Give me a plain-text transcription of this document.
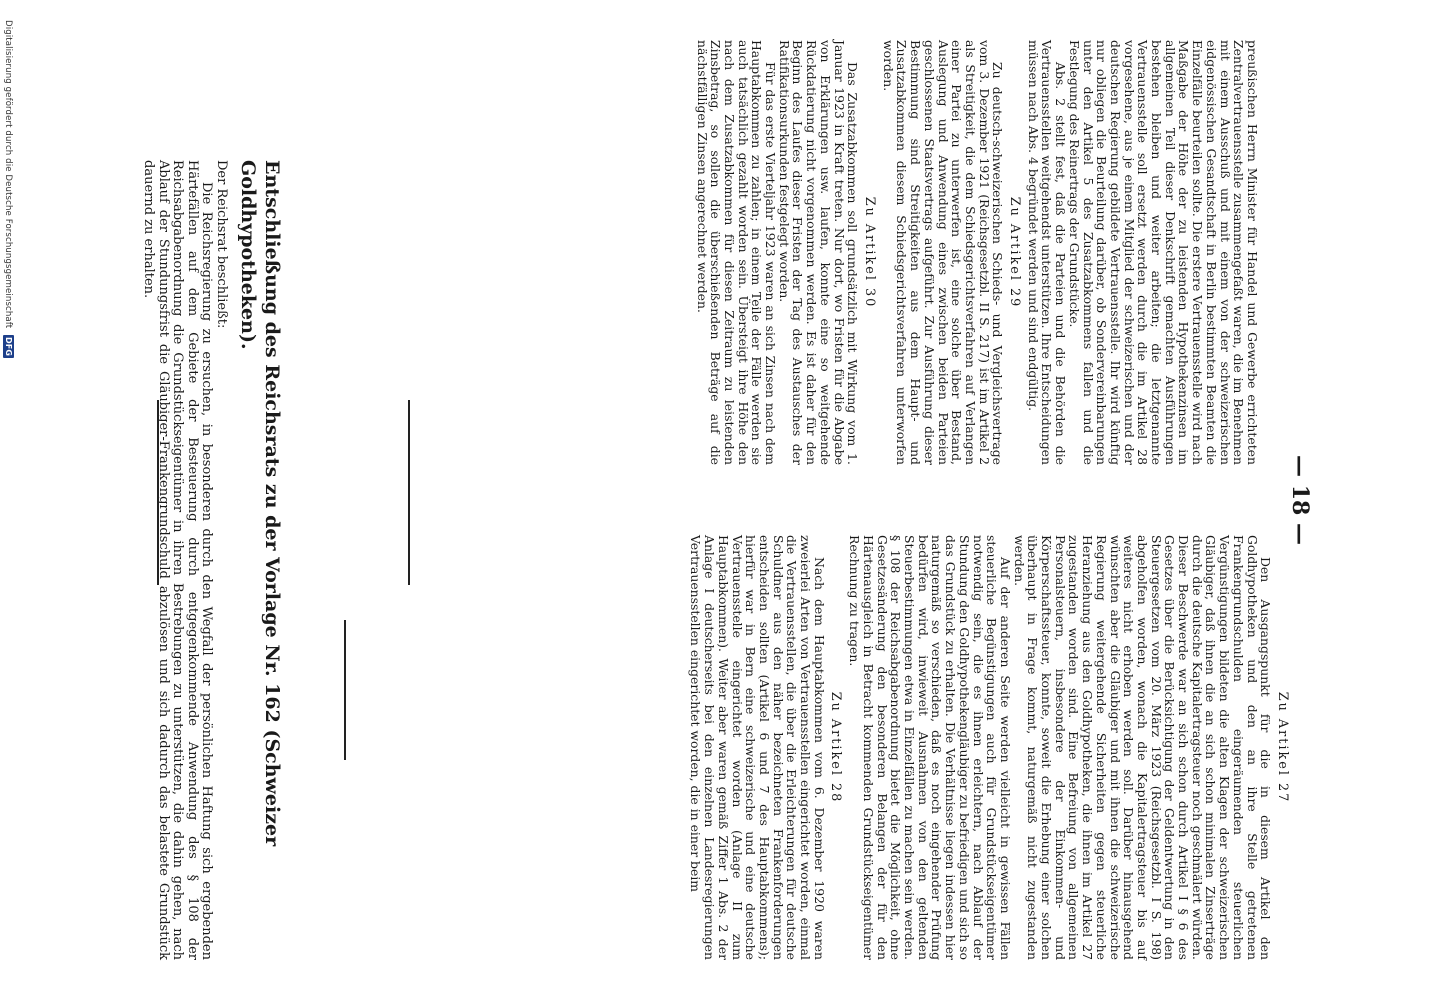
— 18 —

preußischen Herrn Minister für Handel und Gewerbe errichteten Zentralvertrauensstelle zusammengefaßt waren, die im Benehmen mit einem Ausschuß und mit einem von der schweizerischen eidgenössischen Gesandtschaft in Berlin bestimmten Beamten die Einzelfälle beurteilen sollte. Die erstere Vertrauensstelle wird nach Maßgabe der Höhe der zu leistenden Hypothekenzinsen im allgemeinen Teil dieser Denkschrift gemachten Ausführungen bestehen bleiben und weiter arbeiten; die letztgenannte Vertrauensstelle soll ersetzt werden durch die im Artikel 28 vorgesehene, aus je einem Mitglied der schweizerischen und der deutschen Regierung gebildete Vertrauensstelle. Ihr wird künftig nur obliegen die Beurteilung darüber, ob Sondervereinbarungen unter den Artikel 5 des Zusatzabkommens fallen und die Festlegung des Reinertrags der Grundstücke.

Abs. 2 stellt fest, daß die Parteien und die Behörden die Vertrauensstellen weitgehendst unterstützen. Ihre Entscheidungen müssen nach Abs. 4 begründet werden und sind endgültig.

Zu Artikel 29

Zu deutsch-schweizerischen Schieds- und Vergleichsvertrage vom 3. Dezember 1921 (Reichsgesetzbl. II S. 217) ist im Artikel 2 als Streitigkeit, die dem Schiedsgerichtsverfahren auf Verlangen einer Partei zu unterwerfen ist, eine solche über Bestand, Auslegung und Anwendung eines zwischen beiden Parteien geschlossenen Staatsvertrags aufgeführt. Zur Ausführung dieser Bestimmung sind Streitigkeiten aus dem Haupt- und Zusatzabkommen diesem Schiedsgerichtsverfahren unterworfen worden.

Zu Artikel 30

Das Zusatzabkommen soll grundsätzlich mit Wirkung vom 1. Januar 1923 in Kraft treten. Nur dort, wo Fristen für die Abgabe von Erklärungen usw. laufen, konnte eine so weitgehende Rückdatierung nicht vorgenommen werden. Es ist daher für den Beginn des Laufes dieser Fristen der Tag des Austausches der Ratifikationsurkunden festgelegt worden.

Für das erste Vierteljahr 1923 waren an sich Zinsen nach dem Hauptabkommen zu zahlen; in einem Teile der Fälle werden sie auch tatsächlich gezahlt worden sein. Übersteigt ihre Höhe den nach dem Zusatzabkommen für diesen Zeitraum zu leistenden Zinsbetrag, so sollen die überschießenden Beträge auf die nächstfälligen Zinsen angerechnet werden.

Zu Artikel 27

Den Ausgangspunkt für die in diesem Artikel den Goldhypotheken und den an ihre Stelle getretenen Frankengrundschulden eingeräumenden steuerlichen Vergünstigungen bildeten die alten Klagen der schweizerischen Gläubiger, daß ihnen die an sich schon minimalen Zinserträge durch die deutsche Kapitalertragsteuer noch geschmälert würden. Dieser Beschwerde war an sich schon durch Artikel I § 6 des Gesetzes über die Berücksichtigung der Geldentwertung in den Steuergesetzen vom 20. März 1923 (Reichsgesetzbl. I S. 198) abgeholfen worden, wonach die Kapitalertragsteuer bis auf weiteres nicht erhoben werden soll. Darüber hinausgehend wünschten aber die Gläubiger und mit ihnen die schweizerische Regierung weitergehende Sicherheiten gegen steuerliche Heranziehung aus den Goldhypotheken, die ihnen im Artikel 27 zugestanden worden sind. Eine Befreiung von allgemeinen Personalsteuern, insbesondere der Einkommen- und Körperschaftssteuer, konnte, soweit die Erhebung einer solchen überhaupt in Frage kommt, naturgemäß nicht zugestanden werden.

Auf der anderen Seite werden vielleicht in gewissen Fällen steuerliche Begünstigungen auch für Grundstückseigentümer notwendig sein, die es ihnen erleichtern, nach Ablauf der Stundung den Goldhypothekengläubiger zu befriedigen und sich so das Grundstück zu erhalten. Die Verhältnisse liegen indessen hier naturgemäß so verschieden, daß es noch eingehender Prüfung bedürfen wird, inwieweit Ausnahmen von den geltenden Steuerbestimmungen etwa in Einzelfällen zu machen sein werden. § 108 der Reichsabgabenordnung bietet die Möglichkeit, ohne Gesetzesänderung den besonderen Belangen der für den Härtenausgleich in Betracht kommenden Grundstückseigentümer Rechnung zu tragen.

Zu Artikel 28

Nach dem Hauptabkommen vom 6. Dezember 1920 waren zweierlei Arten von Vertrauensstellen eingerichtet worden, einmal die Vertrauensstellen, die über die Erleichterungen für deutsche Schuldner aus den näher bezeichneten Frankenforderungen entscheiden sollten (Artikel 6 und 7 des Hauptabkommens); hierfür war in Bern eine schweizerische und eine deutsche Vertrauensstelle eingerichtet worden (Anlage II zum Hauptabkommen). Weiter aber waren gemäß Ziffer 1 Abs. 2 der Anlage I deutscherseits bei den einzelnen Landesregierungen Vertrauensstellen eingerichtet worden, die in einer beim

Entschließung des Reichsrats zu der Vorlage Nr. 162 (Schweizer Goldhypotheken).

Der Reichsrat beschließt:

Die Reichsregierung zu ersuchen, in besonderen durch den Wegfall der persönlichen Haftung sich ergebenden Härtefällen auf dem Gebiete der Besteuerung durch entgegenkommende Anwendung des § 108 der Reichsabgabenordnung die Grundstückseigentümer in ihren Bestrebungen zu unterstützen, die dahin gehen, nach Ablauf der Stundungsfrist die Gläubiger-Frankengrundschuld abzulösen und sich dadurch das belastete Grundstück dauernd zu erhalten.

Digitalisierung gefördert durch die Deutsche Forschungsgemeinschaft DFG
